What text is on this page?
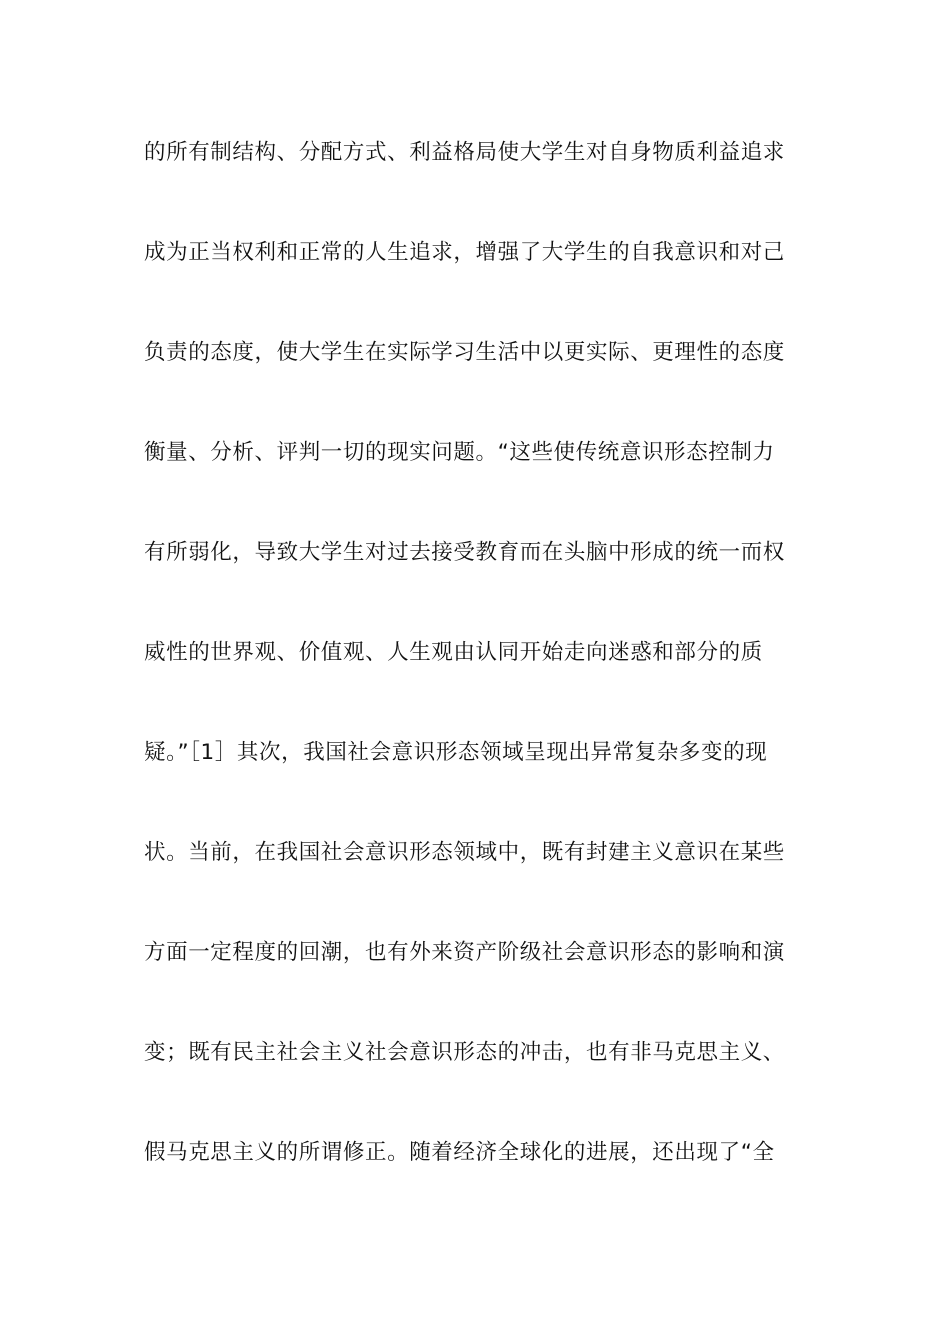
的所有制结构、分配方式、利益格局使大学生对自身物质利益追求
成为正当权利和正常的人生追求，增强了大学生的自我意识和对己
负责的态度，使大学生在实际学习生活中以更实际、更理性的态度
衡量、分析、评判一切的现实问题。“这些使传统意识形态控制力
有所弱化，导致大学生对过去接受教育而在头脑中形成的统一而权
威性的世界观、价值观、人生观由认同开始走向迷惑和部分的质
疑。”［1］其次，我国社会意识形态领域呈现出异常复杂多变的现
状。当前，在我国社会意识形态领域中，既有封建主义意识在某些
方面一定程度的回潮，也有外来资产阶级社会意识形态的影响和演
变；既有民主社会主义社会意识形态的冲击，也有非马克思主义、
假马克思主义的所谓修正。随着经济全球化的进展，还出现了“全
